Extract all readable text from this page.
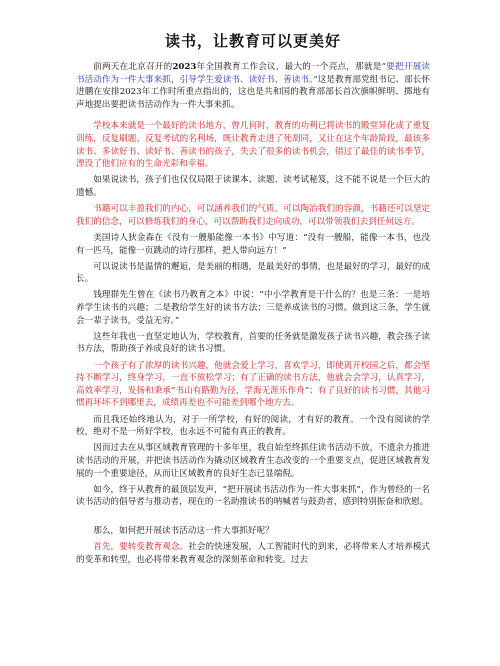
读书，让教育可以更美好

前两天在北京召开的2023年全国教育工作会议，最大的一个亮点，那就是“要把开展读书活动作为一件大事来抓，引导学生爱读书、读好书、善读书。”这是教育部党组书记、部长怀进鹏在安排2023年工作时所重点指出的，这也是共和国的教育部部长首次旗帜鲜明、掷地有声地提出要把读书活动作为一件大事来抓。

学校本来就是一个最好的读书地方，曾几何时，教育的功利已将读书的殿堂异化成了重复训练，反复刷题，反复考试的名利场，既让教育走进了死胡同，又让在这个年龄阶段，最该多读书、多读好书、读好书、善读书的孩子，失去了很多的读书机会，错过了最佳的读书季节，湮没了他们应有的生命光彩和幸福。

如果说读书，孩子们也仅仅局限于读课本、读题、读考试秘笈，这不能不说是一个巨大的遗憾。

书籍可以丰盈我们的内心，可以涵养我们的气质，可以陶冶我们的容颜，书籍还可以坚定我们的信念，可以修炼我们的身心，可以帮助我们走向成功，可以带领我们去到任何远方。

美国诗人狄金森在《没有一艘船能像一本书》中写道：“没有一艘船，能像一本书，也没有一匹马，能像一页跳动的诗行那样，把人带向远方！”

可以说读书是温情的邂逅，是美丽的相遇，是最美好的事情，也是最好的学习，最好的成长。

钱理群先生曾在《读书乃教育之本》中说：“中小学教育是干什么的？也是三条：一是培养学生读书的兴趣；二是教给学生好的读书方法；三是养成读书的习惯。做到这三条，学生就会一辈子读书，受益无穷。”

这些年我也一直坚定地认为，学校教育，首要的任务就是激发孩子读书兴趣，教会孩子读书方法，帮助孩子养成良好的读书习惯。

一个孩子有了浓厚的读书兴趣，他就会爱上学习，喜欢学习，即使离开校园之后，都会坚持不断学习，终身学习，一直不放松学习；有了正确的读书方法，他就会会学习，认真学习，高效率学习，发扬和秉承“书山有路勤为径，学海无涯乐作舟”；有了良好的读书习惯，其他习惯再坏坏不到哪里去，成绩再差也不可能差到哪个地方去。

而且我还始终地认为，对于一所学校，有好的阅读，才有好的教育。一个没有阅读的学校，绝对不是一所好学校，也永远不可能有真正的教育。

因而过去在从事区域教育管理的十多年里，我自始至终抓住读书活动不放，不遗余力推进读书活动的开展，并把读书活动作为撬动区域教育生态改变的一个重要支点，促进区域教育发展的一个重要途径，从而让区域教育的良好生态已显端倪。

如今，终于从教育的最顶层发声，“把开展读书活动作为一件大事来抓”，作为曾经的一名读书活动的倡导者与推动者，现在的一名助推读书的呐喊者与鼓劲者，感到特别振奋和欣慰。

那么，如何把开展读书活动这一件大事抓好呢？

首先，要转变教育观念。社会的快速发展，人工智能时代的到来，必将带来人才培养模式的变革和转型，也必将带来教育观念的深刻革命和转变。过去
